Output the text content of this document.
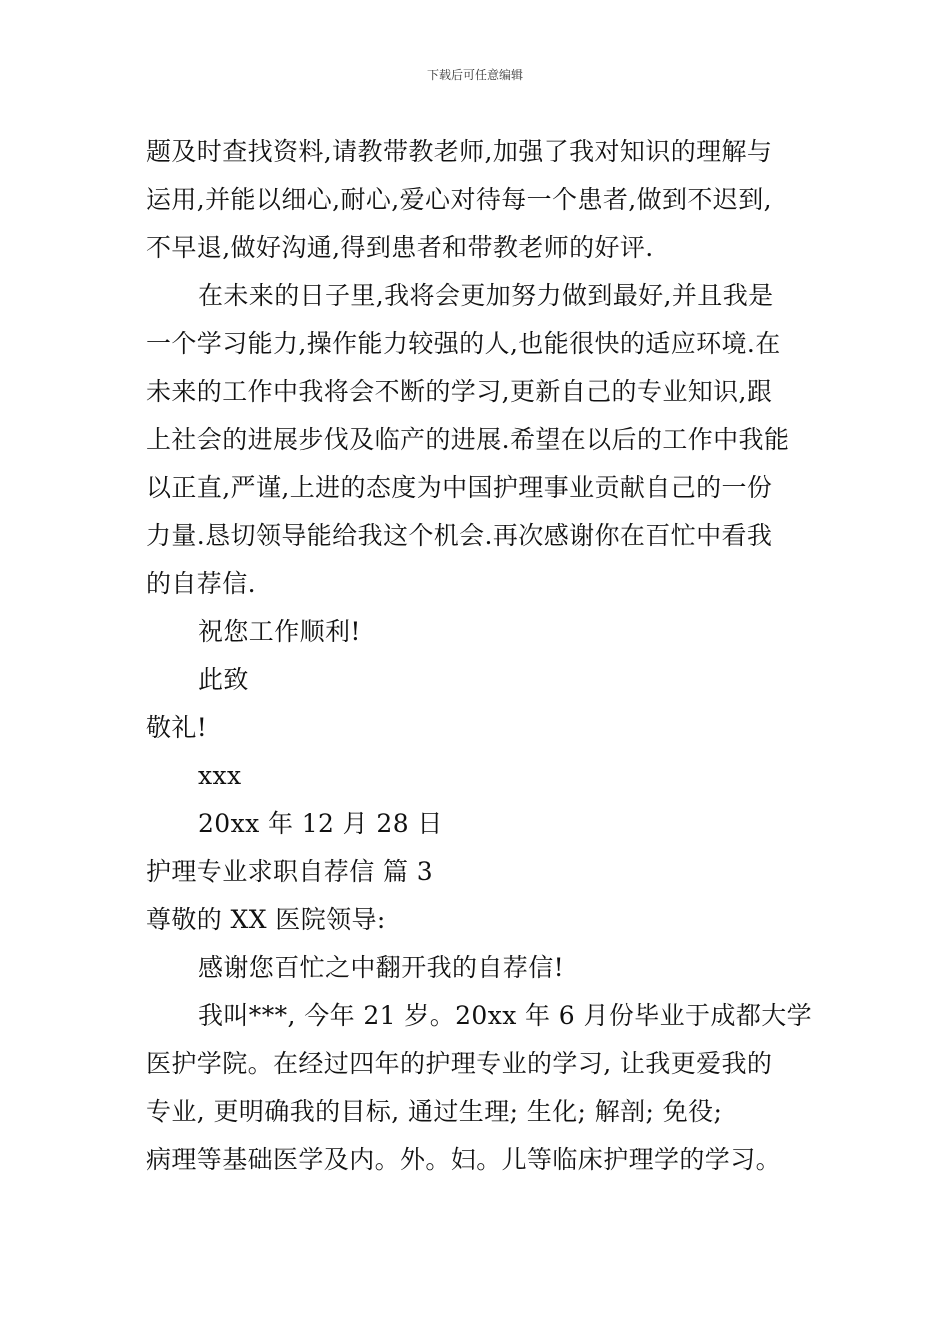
下载后可任意编辑
题及时查找资料,请教带教老师,加强了我对知识的理解与
运用,并能以细心,耐心,爱心对待每一个患者,做到不迟到,
不早退,做好沟通,得到患者和带教老师的好评.
在未来的日子里,我将会更加努力做到最好,并且我是
一个学习能力,操作能力较强的人,也能很快的适应环境.在
未来的工作中我将会不断的学习,更新自己的专业知识,跟
上社会的进展步伐及临产的进展.希望在以后的工作中我能
以正直,严谨,上进的态度为中国护理事业贡献自己的一份
力量.恳切领导能给我这个机会.再次感谢你在百忙中看我
的自荐信.
祝您工作顺利!
此致
敬礼!
xxx
20xx 年 12 月 28 日
护理专业求职自荐信 篇 3
尊敬的 XX 医院领导:
感谢您百忙之中翻开我的自荐信!
我叫***, 今年 21 岁。20xx 年 6 月份毕业于成都大学
医护学院。在经过四年的护理专业的学习, 让我更爱我的
专业, 更明确我的目标, 通过生理; 生化; 解剖; 免役;
病理等基础医学及内。外。妇。儿等临床护理学的学习。
